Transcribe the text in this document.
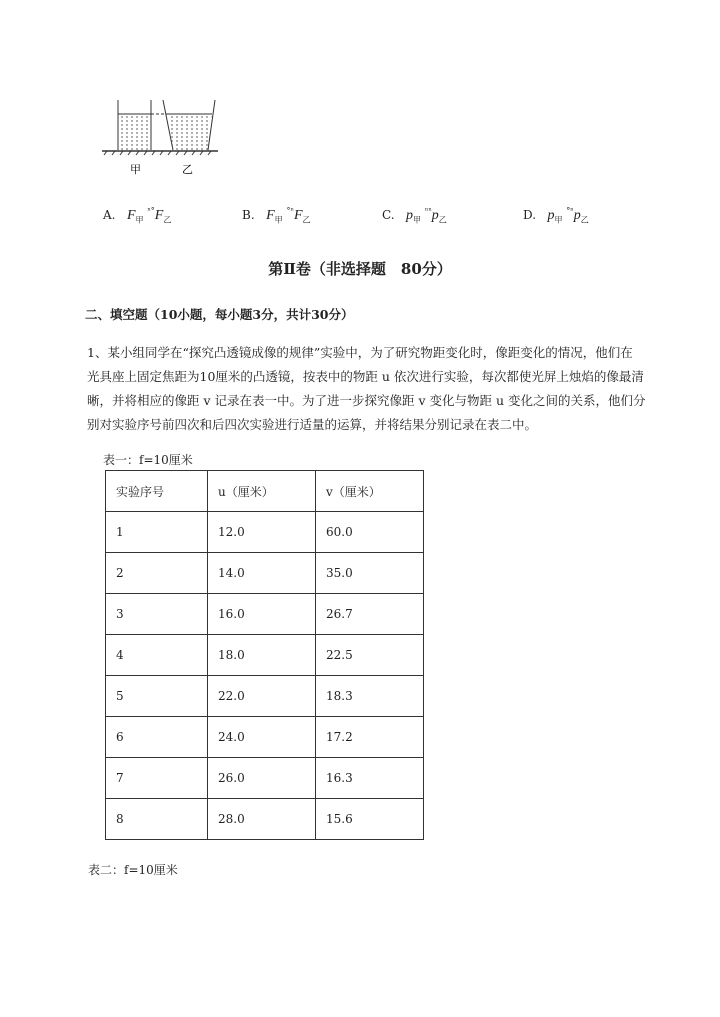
甲	乙
A. $F_甲$ $^{^n^\circ}F_乙$	B. $F_甲$ $^{^\circ^n}F_乙$	C. $p_甲$ $^{^{nn}}p_乙$	D. $p_甲$ $^{^\circ^n}p_乙$
第Ⅱ卷（非选择题　80分）
二、填空题（10小题，每小题3分，共计30分）
1、某小组同学在“探究凸透镜成像的规律”实验中，为了研究物距变化时，像距变化的情况，他们在
光具座上固定焦距为10厘米的凸透镜，按表中的物距 u 依次进行实验，每次都使光屏上烛焰的像最清
晰，并将相应的像距 v 记录在表一中。为了进一步探究像距 v 变化与物距 u 变化之间的关系，他们分
别对实验序号前四次和后四次实验进行适量的运算，并将结果分别记录在表二中。
表一：f=10厘米
实验序号	u（厘米）	v（厘米）
1	12.0	60.0
2	14.0	35.0
3	16.0	26.7
4	18.0	22.5
5	22.0	18.3
6	24.0	17.2
7	26.0	16.3
8	28.0	15.6
表二：f=10厘米
